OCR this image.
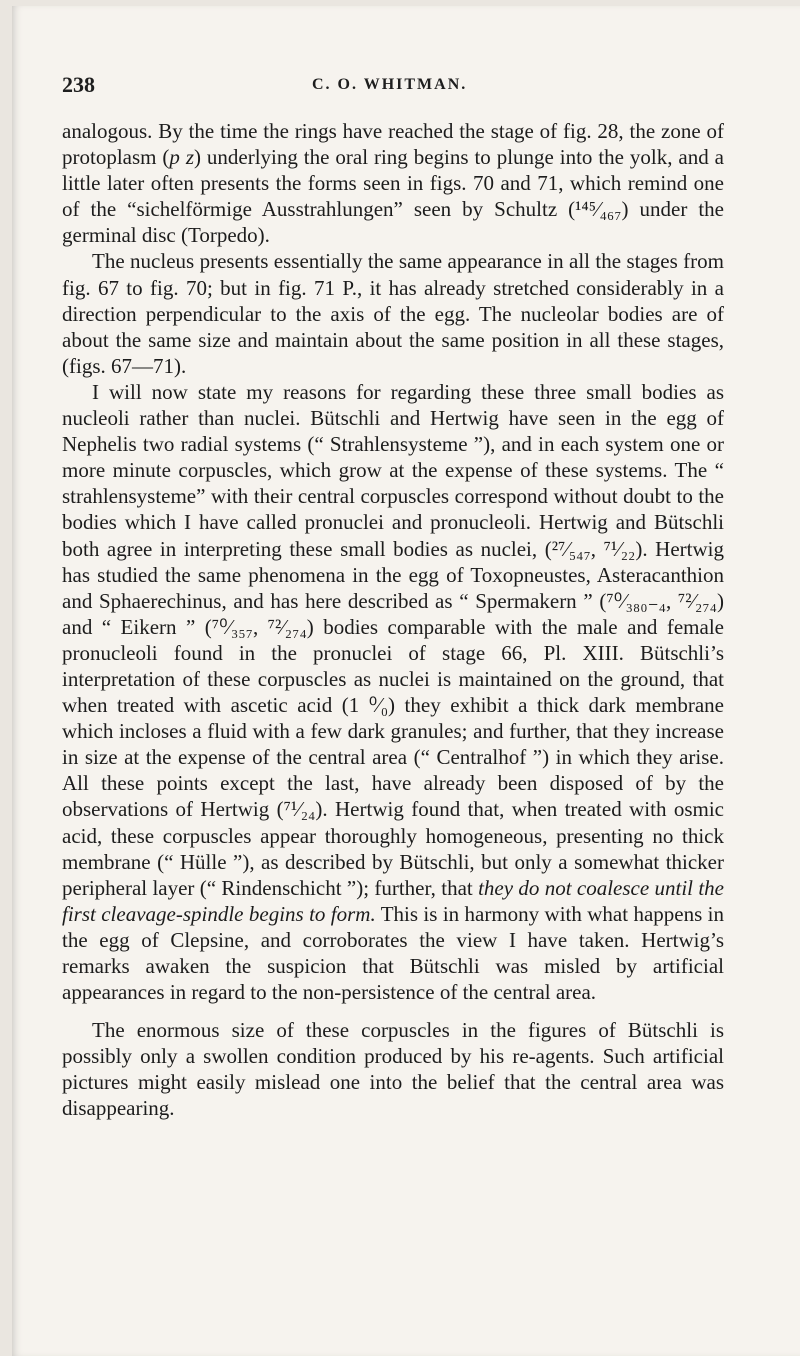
238	C. O. WHITMAN.

analogous. By the time the rings have reached the stage of fig. 28, the zone of protoplasm (p z) underlying the oral ring begins to plunge into the yolk, and a little later often presents the forms seen in figs. 70 and 71, which remind one of the “sichelförmige Ausstrahlungen” seen by Schultz (¹⁴⁵⁄₄₆₇) under the germinal disc (Torpedo).

The nucleus presents essentially the same appearance in all the stages from fig. 67 to fig. 70; but in fig. 71 P., it has already stretched considerably in a direction perpendicular to the axis of the egg. The nucleolar bodies are of about the same size and maintain about the same position in all these stages, (figs. 67—71).

I will now state my reasons for regarding these three small bodies as nucleoli rather than nuclei. Bütschli and Hertwig have seen in the egg of Nephelis two radial systems (“ Strahlensysteme ”), and in each system one or more minute corpuscles, which grow at the expense of these systems. The “ strahlensysteme” with their central corpuscles correspond without doubt to the bodies which I have called pronuclei and pronucleoli. Hertwig and Bütschli both agree in interpreting these small bodies as nuclei, (²⁷⁄₅₄₇, ⁷¹⁄₂₂). Hertwig has studied the same phenomena in the egg of Toxopneustes, Asteracanthion and Sphaerechinus, and has here described as “ Spermakern ” (⁷⁰⁄₃₈₀₋₄, ⁷²⁄₂₇₄) and “ Eikern ” (⁷⁰⁄₃₅₇, ⁷²⁄₂₇₄) bodies comparable with the male and female pronucleoli found in the pronuclei of stage 66, Pl. XIII. Bütschli’s interpretation of these corpuscles as nuclei is maintained on the ground, that when treated with ascetic acid (1 ⁰⁄₀) they exhibit a thick dark membrane which incloses a fluid with a few dark granules; and further, that they increase in size at the expense of the central area (“ Centralhof ”) in which they arise. All these points except the last, have already been disposed of by the observations of Hertwig (⁷¹⁄₂₄). Hertwig found that, when treated with osmic acid, these corpuscles appear thoroughly homogeneous, presenting no thick membrane (“ Hülle ”), as described by Bütschli, but only a somewhat thicker peripheral layer (“ Rindenschicht ”); further, that they do not coalesce until the first cleavage-spindle begins to form. This is in harmony with what happens in the egg of Clepsine, and corroborates the view I have taken. Hertwig’s remarks awaken the suspicion that Bütschli was misled by artificial appearances in regard to the non-persistence of the central area.

The enormous size of these corpuscles in the figures of Bütschli is possibly only a swollen condition produced by his re-agents. Such artificial pictures might easily mislead one into the belief that the central area was disappearing.
